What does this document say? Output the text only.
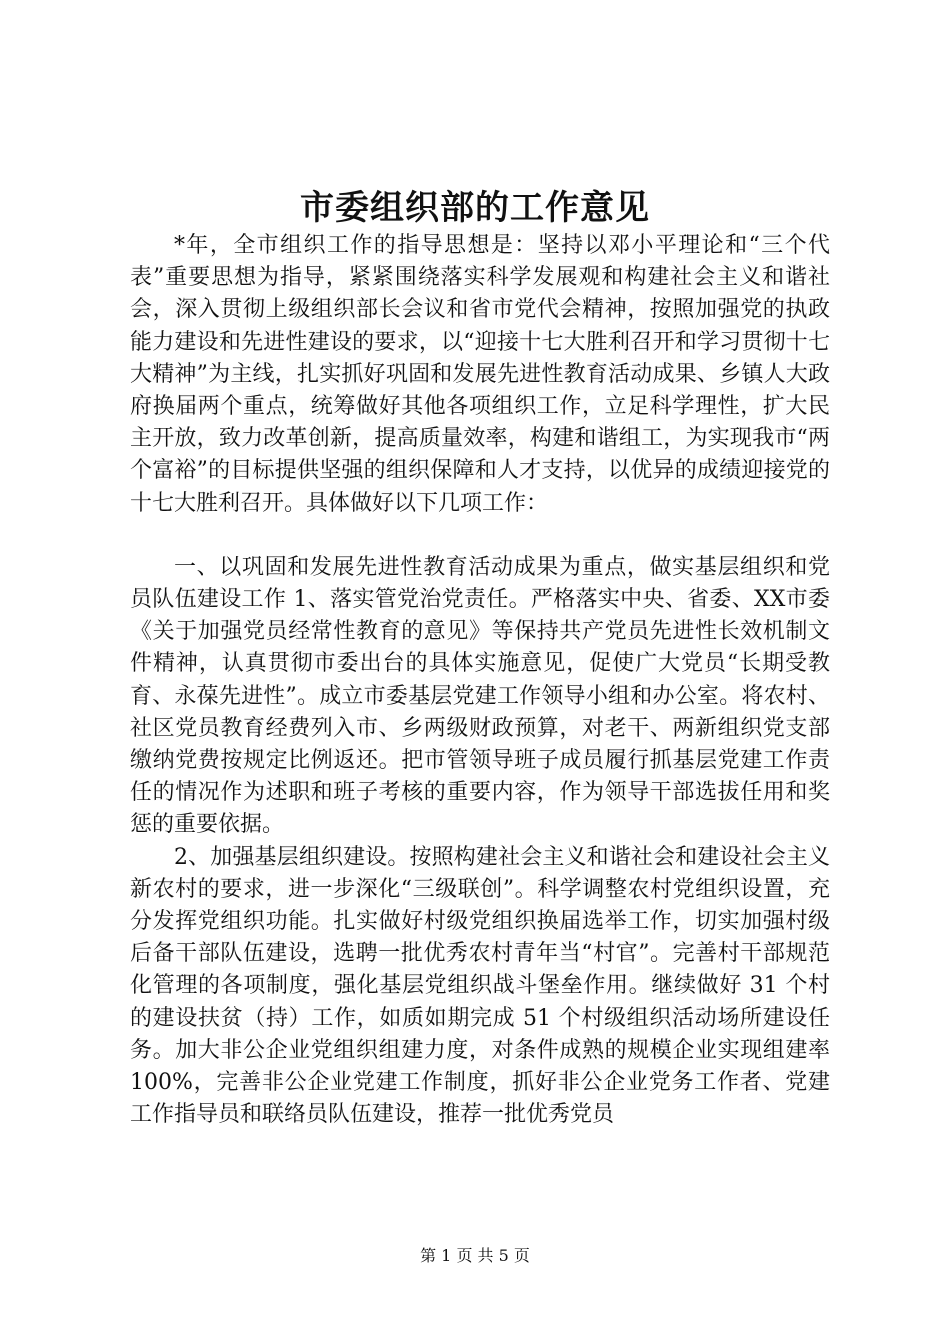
市委组织部的工作意见

*年，全市组织工作的指导思想是：坚持以邓小平理论和“三个代表”重要思想为指导，紧紧围绕落实科学发展观和构建社会主义和谐社会，深入贯彻上级组织部长会议和省市党代会精神，按照加强党的执政能力建设和先进性建设的要求，以“迎接十七大胜利召开和学习贯彻十七大精神”为主线，扎实抓好巩固和发展先进性教育活动成果、乡镇人大政府换届两个重点，统筹做好其他各项组织工作，立足科学理性，扩大民主开放，致力改革创新，提高质量效率，构建和谐组工，为实现我市“两个富裕”的目标提供坚强的组织保障和人才支持，以优异的成绩迎接党的十七大胜利召开。具体做好以下几项工作：

一、以巩固和发展先进性教育活动成果为重点，做实基层组织和党员队伍建设工作 1、落实管党治党责任。严格落实中央、省委、XX市委《关于加强党员经常性教育的意见》等保持共产党员先进性长效机制文件精神，认真贯彻市委出台的具体实施意见，促使广大党员“长期受教育、永葆先进性”。成立市委基层党建工作领导小组和办公室。将农村、社区党员教育经费列入市、乡两级财政预算，对老干、两新组织党支部缴纳党费按规定比例返还。把市管领导班子成员履行抓基层党建工作责任的情况作为述职和班子考核的重要内容，作为领导干部选拔任用和奖惩的重要依据。

2、加强基层组织建设。按照构建社会主义和谐社会和建设社会主义新农村的要求，进一步深化“三级联创”。科学调整农村党组织设置，充分发挥党组织功能。扎实做好村级党组织换届选举工作，切实加强村级后备干部队伍建设，选聘一批优秀农村青年当“村官”。完善村干部规范化管理的各项制度，强化基层党组织战斗堡垒作用。继续做好 31 个村的建设扶贫（持）工作，如质如期完成 51 个村级组织活动场所建设任务。加大非公企业党组织组建力度，对条件成熟的规模企业实现组建率 100%，完善非公企业党建工作制度，抓好非公企业党务工作者、党建工作指导员和联络员队伍建设，推荐一批优秀党员

第 1 页 共 5 页
